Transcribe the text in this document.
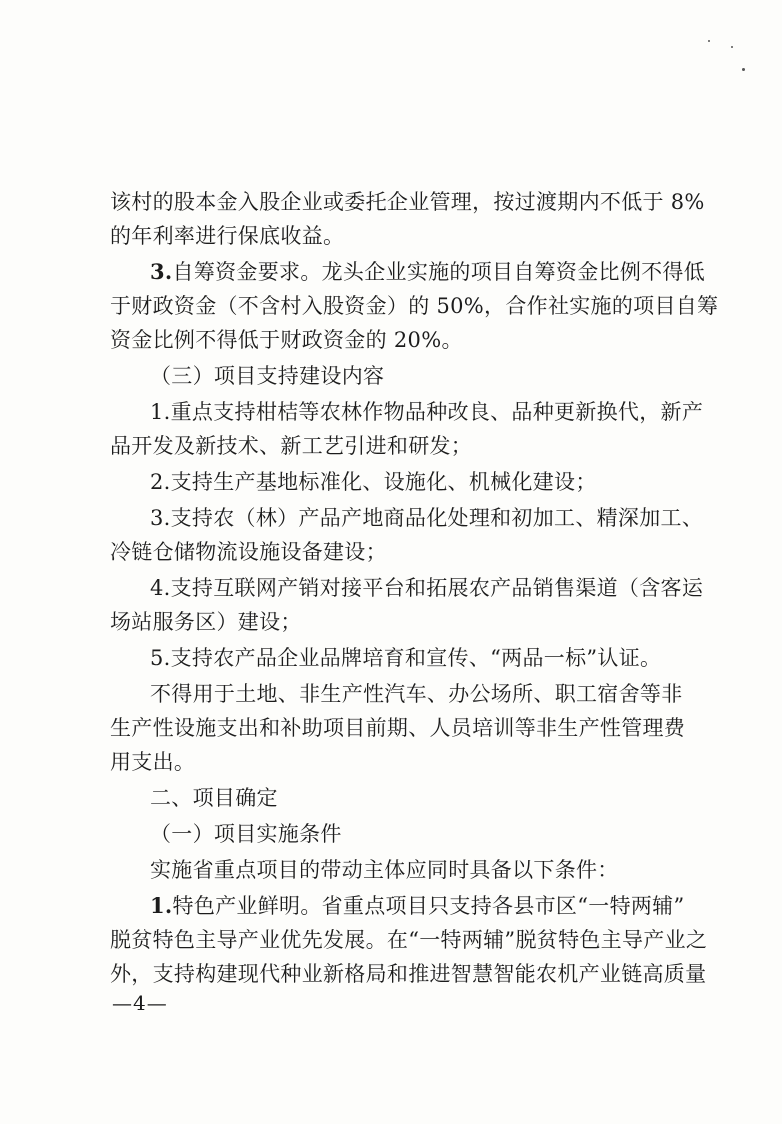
该村的股本金入股企业或委托企业管理，按过渡期内不低于 8%
的年利率进行保底收益。
3.自筹资金要求。龙头企业实施的项目自筹资金比例不得低
于财政资金（不含村入股资金）的 50%，合作社实施的项目自筹
资金比例不得低于财政资金的 20%。
（三）项目支持建设内容
1.重点支持柑桔等农林作物品种改良、品种更新换代，新产
品开发及新技术、新工艺引进和研发；
2.支持生产基地标准化、设施化、机械化建设；
3.支持农（林）产品产地商品化处理和初加工、精深加工、
冷链仓储物流设施设备建设；
4.支持互联网产销对接平台和拓展农产品销售渠道（含客运
场站服务区）建设；
5.支持农产品企业品牌培育和宣传、“两品一标”认证。
不得用于土地、非生产性汽车、办公场所、职工宿舍等非
生产性设施支出和补助项目前期、人员培训等非生产性管理费
用支出。
二、项目确定
（一）项目实施条件
实施省重点项目的带动主体应同时具备以下条件：
1.特色产业鲜明。省重点项目只支持各县市区“一特两辅”
脱贫特色主导产业优先发展。在“一特两辅”脱贫特色主导产业之
外，支持构建现代种业新格局和推进智慧智能农机产业链高质量
—4—
